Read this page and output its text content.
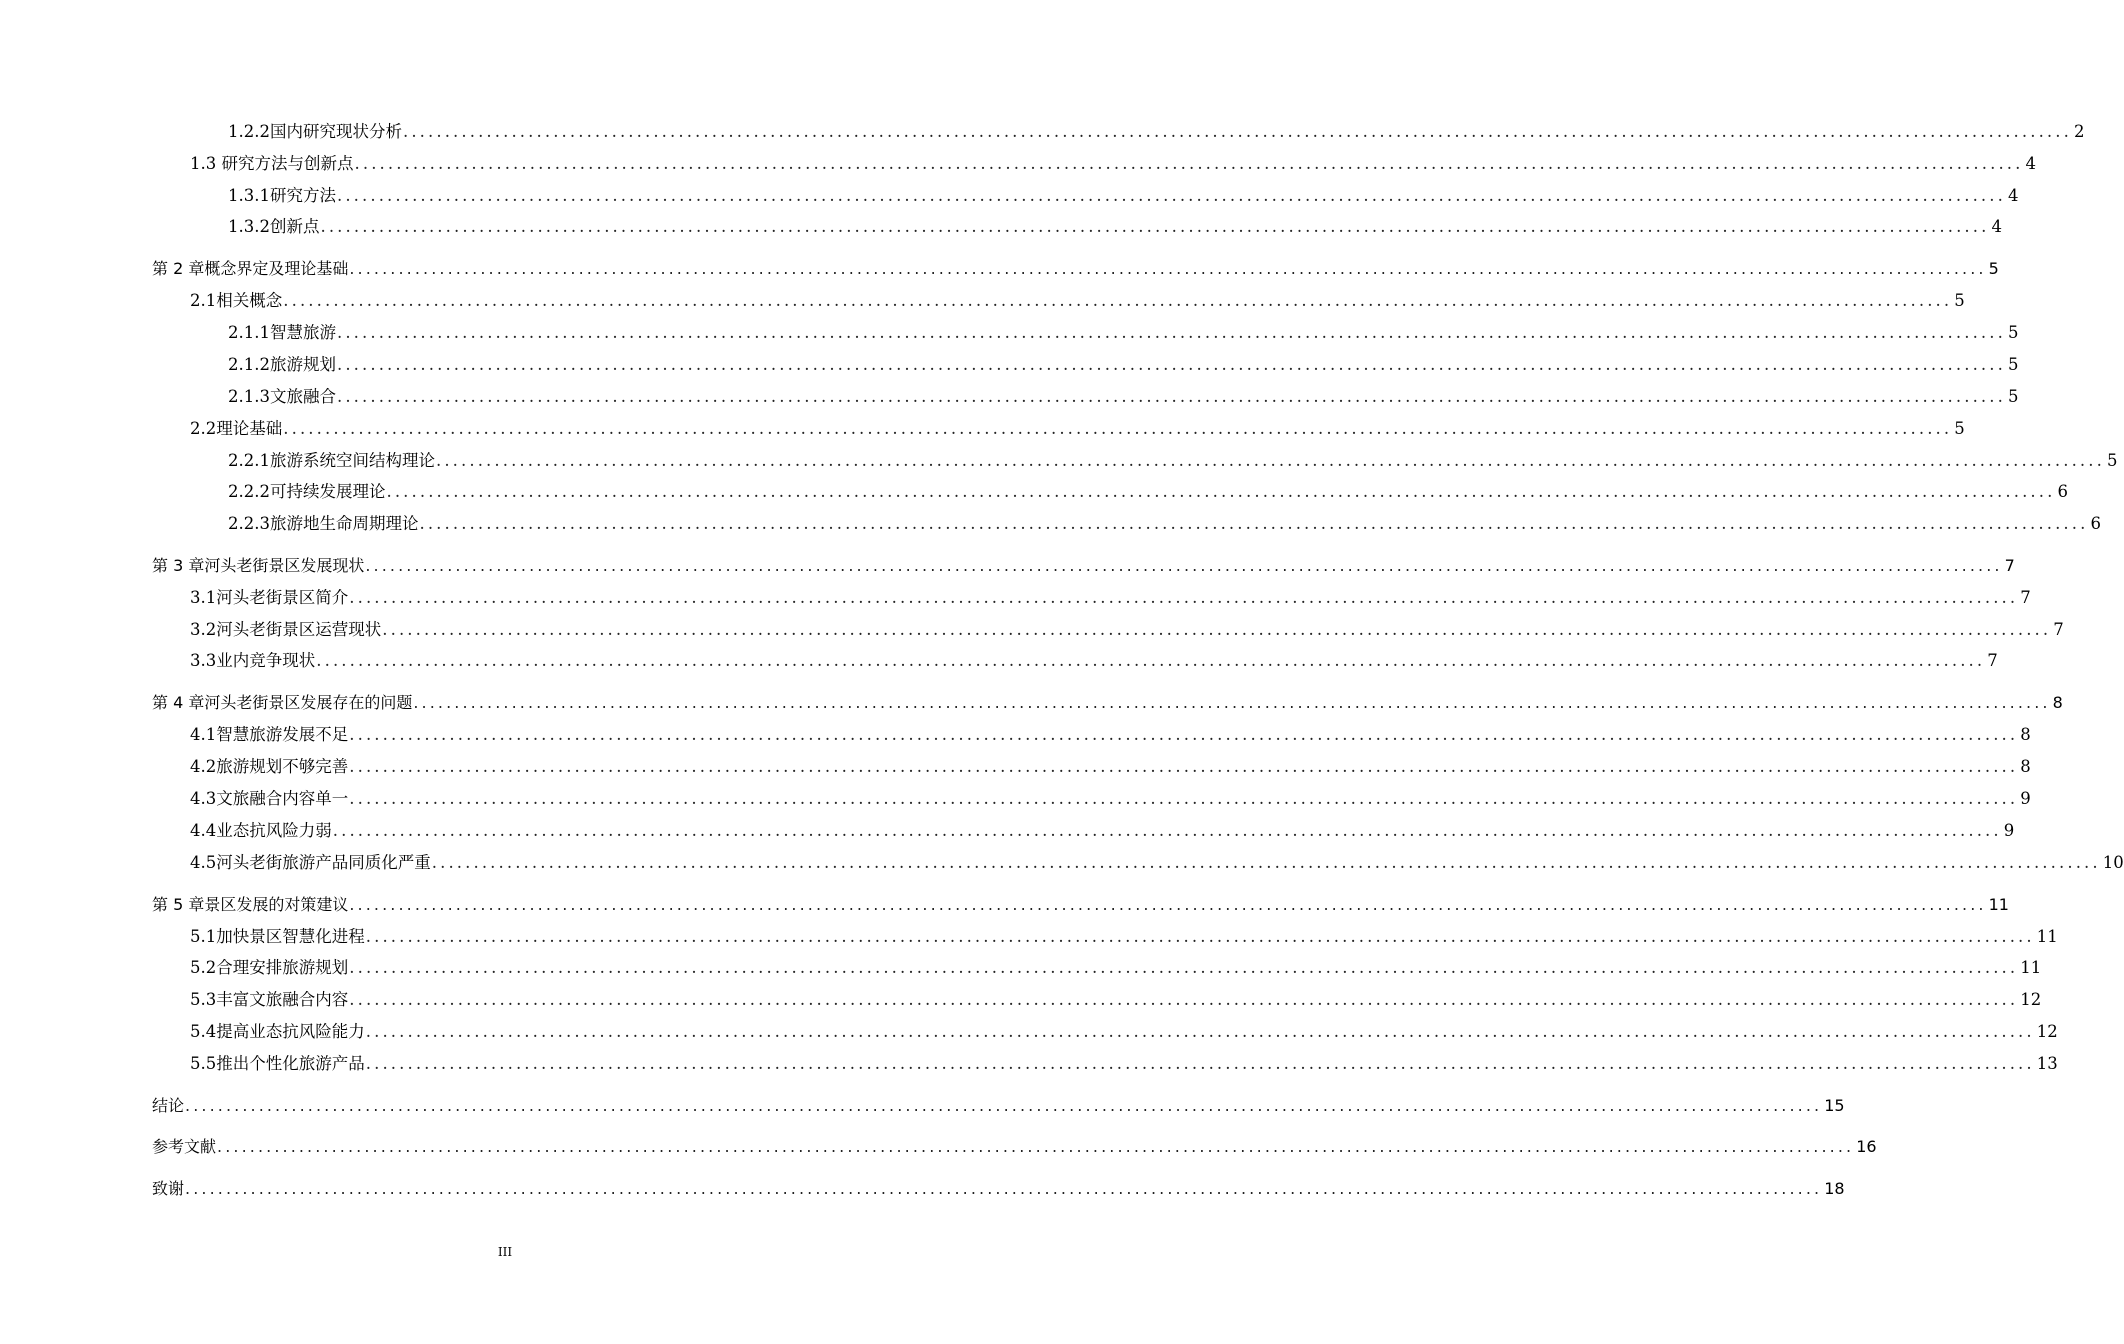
1.2.2 国内研究现状分析 ........................................................................................................................................................................................................ 2
1.3 研究方法与创新点 ........................................................................................................................................................................................................ 4
1.3.1 研究方法 ........................................................................................................................................................................................................ 4
1.3.2 创新点 ........................................................................................................................................................................................................ 4
第 2 章 概念界定及理论基础 ........................................................................................................................................................................................................ 5
2.1 相关概念 ........................................................................................................................................................................................................ 5
2.1.1 智慧旅游 ........................................................................................................................................................................................................ 5
2.1.2 旅游规划 ........................................................................................................................................................................................................ 5
2.1.3 文旅融合 ........................................................................................................................................................................................................ 5
2.2 理论基础 ........................................................................................................................................................................................................ 5
2.2.1 旅游系统空间结构理论 ........................................................................................................................................................................................................ 5
2.2.2 可持续发展理论 ........................................................................................................................................................................................................ 6
2.2.3 旅游地生命周期理论 ........................................................................................................................................................................................................ 6
第 3 章 河头老街景区发展现状 ........................................................................................................................................................................................................ 7
3.1 河头老街景区简介 ........................................................................................................................................................................................................ 7
3.2 河头老街景区运营现状 ........................................................................................................................................................................................................ 7
3.3 业内竞争现状 ........................................................................................................................................................................................................ 7
第 4 章 河头老街景区发展存在的问题 ........................................................................................................................................................................................................ 8
4.1 智慧旅游发展不足 ........................................................................................................................................................................................................ 8
4.2 旅游规划不够完善 ........................................................................................................................................................................................................ 8
4.3 文旅融合内容单一 ........................................................................................................................................................................................................ 9
4.4 业态抗风险力弱 ........................................................................................................................................................................................................ 9
4.5 河头老街旅游产品同质化严重 ........................................................................................................................................................................................................ 10
第 5 章 景区发展的对策建议 ........................................................................................................................................................................................................ 11
5.1 加快景区智慧化进程 ........................................................................................................................................................................................................ 11
5.2 合理安排旅游规划 ........................................................................................................................................................................................................ 11
5.3 丰富文旅融合内容 ........................................................................................................................................................................................................ 12
5.4 提高业态抗风险能力 ........................................................................................................................................................................................................ 12
5.5 推出个性化旅游产品 ........................................................................................................................................................................................................ 13
结论 ........................................................................................................................................................................................................ 15
参考文献 ........................................................................................................................................................................................................ 16
致谢 ........................................................................................................................................................................................................ 18
III
